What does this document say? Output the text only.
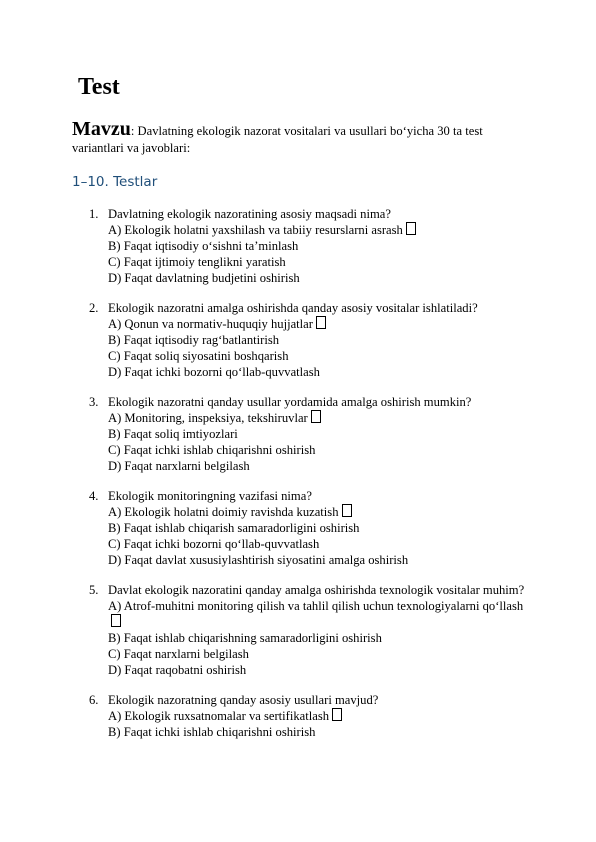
Test
Mavzu: Davlatning ekologik nazorat vositalari va usullari bo‘yicha 30 ta test variantlari va javoblari:
1–10. Testlar
1. Davlatning ekologik nazoratining asosiy maqsadi nima?
A) Ekologik holatni yaxshilash va tabiiy resurslarni asrash
B) Faqat iqtisodiy o‘sishni ta’minlash
C) Faqat ijtimoiy tenglikni yaratish
D) Faqat davlatning budjetini oshirish
2. Ekologik nazoratni amalga oshirishda qanday asosiy vositalar ishlatiladi?
A) Qonun va normativ-huquqiy hujjatlar
B) Faqat iqtisodiy rag‘batlantirish
C) Faqat soliq siyosatini boshqarish
D) Faqat ichki bozorni qo‘llab-quvvatlash
3. Ekologik nazoratni qanday usullar yordamida amalga oshirish mumkin?
A) Monitoring, inspeksiya, tekshiruvlar
B) Faqat soliq imtiyozlari
C) Faqat ichki ishlab chiqarishni oshirish
D) Faqat narxlarni belgilash
4. Ekologik monitoringning vazifasi nima?
A) Ekologik holatni doimiy ravishda kuzatish
B) Faqat ishlab chiqarish samaradorligini oshirish
C) Faqat ichki bozorni qo‘llab-quvvatlash
D) Faqat davlat xususiylashtirish siyosatini amalga oshirish
5. Davlat ekologik nazoratini qanday amalga oshirishda texnologik vositalar muhim?
A) Atrof-muhitni monitoring qilish va tahlil qilish uchun texnologiyalarni qo‘llash
B) Faqat ishlab chiqarishning samaradorligini oshirish
C) Faqat narxlarni belgilash
D) Faqat raqobatni oshirish
6. Ekologik nazoratning qanday asosiy usullari mavjud?
A) Ekologik ruxsatnomalar va sertifikatlash
B) Faqat ichki ishlab chiqarishni oshirish
